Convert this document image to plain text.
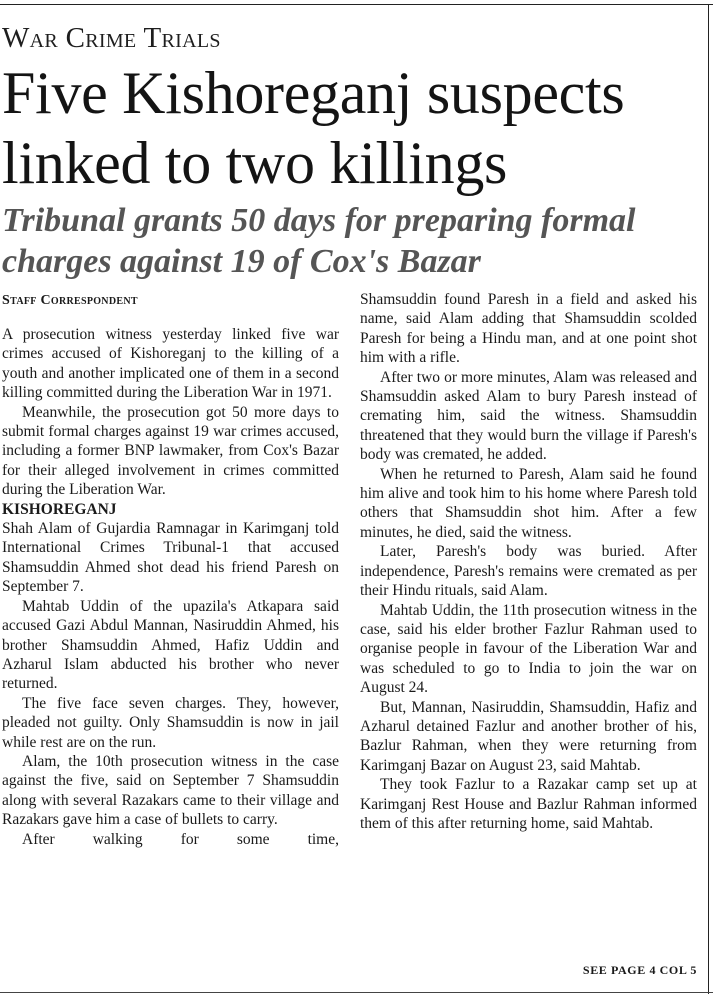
War Crime Trials
Five Kishoreganj suspects linked to two killings
Tribunal grants 50 days for preparing formal charges against 19 of Cox's Bazar
Staff Correspondent

A prosecution witness yesterday linked five war crimes accused of Kishoreganj to the killing of a youth and another implicated one of them in a second killing committed during the Liberation War in 1971.

Meanwhile, the prosecution got 50 more days to submit formal charges against 19 war crimes accused, including a former BNP lawmaker, from Cox's Bazar for their alleged involvement in crimes committed during the Liberation War.

KISHOREGANJ

Shah Alam of Gujardia Ramnagar in Karimganj told International Crimes Tribunal-1 that accused Shamsuddin Ahmed shot dead his friend Paresh on September 7.

Mahtab Uddin of the upazila's Atkapara said accused Gazi Abdul Mannan, Nasiruddin Ahmed, his brother Shamsuddin Ahmed, Hafiz Uddin and Azharul Islam abducted his brother who never returned.

The five face seven charges. They, however, pleaded not guilty. Only Shamsuddin is now in jail while rest are on the run.

Alam, the 10th prosecution witness in the case against the five, said on September 7 Shamsuddin along with several Razakars came to their village and Razakars gave him a case of bullets to carry.

After walking for some time,

Shamsuddin found Paresh in a field and asked his name, said Alam adding that Shamsuddin scolded Paresh for being a Hindu man, and at one point shot him with a rifle.

After two or more minutes, Alam was released and Shamsuddin asked Alam to bury Paresh instead of cremating him, said the witness. Shamsuddin threatened that they would burn the village if Paresh's body was cremated, he added.

When he returned to Paresh, Alam said he found him alive and took him to his home where Paresh told others that Shamsuddin shot him. After a few minutes, he died, said the witness.

Later, Paresh's body was buried. After independence, Paresh's remains were cremated as per their Hindu rituals, said Alam.

Mahtab Uddin, the 11th prosecution witness in the case, said his elder brother Fazlur Rahman used to organise people in favour of the Liberation War and was scheduled to go to India to join the war on August 24.

But, Mannan, Nasiruddin, Shamsuddin, Hafiz and Azharul detained Fazlur and another brother of his, Bazlur Rahman, when they were returning from Karimganj Bazar on August 23, said Mahtab.

They took Fazlur to a Razakar camp set up at Karimganj Rest House and Bazlur Rahman informed them of this after returning home, said Mahtab.

SEE PAGE 4 COL 5
